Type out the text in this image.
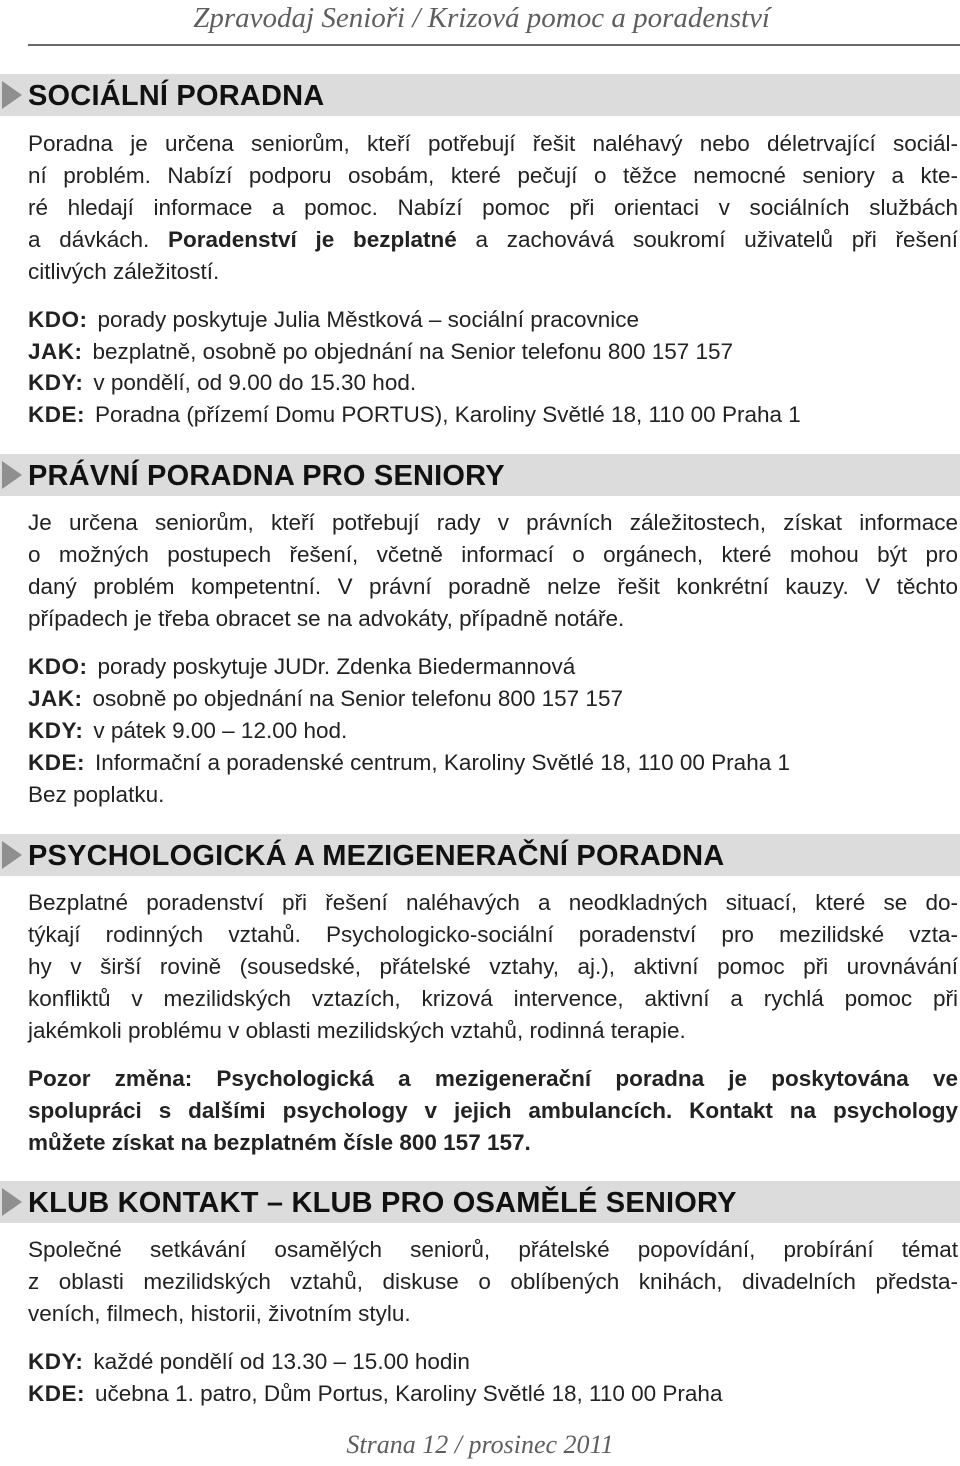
Zpravodaj Senioři / Krizová pomoc a poradenství
SOCIÁLNÍ PORADNA
Poradna je určena seniorům, kteří potřebují řešit naléhavý nebo déletrvající sociál-
ní problém. Nabízí podporu osobám, které pečují o těžce nemocné seniory a kte-
ré hledají informace a pomoc. Nabízí pomoc při orientaci v sociálních službách
a dávkách. Poradenství je bezplatné a zachovává soukromí uživatelů při řešení
citlivých záležitostí.
KDO: porady poskytuje Julia Městková – sociální pracovnice
JAK: bezplatně, osobně po objednání na Senior telefonu 800 157 157
KDY: v pondělí, od 9.00 do 15.30 hod.
KDE: Poradna (přízemí Domu PORTUS), Karoliny Světlé 18, 110 00 Praha 1
PRÁVNÍ PORADNA PRO SENIORY
Je určena seniorům, kteří potřebují rady v právních záležitostech, získat informace
o možných postupech řešení, včetně informací o orgánech, které mohou být pro
daný problém kompetentní. V právní poradně nelze řešit konkrétní kauzy. V těchto
případech je třeba obracet se na advokáty, případně notáře.
KDO: porady poskytuje JUDr. Zdenka Biedermannová
JAK: osobně po objednání na Senior telefonu 800 157 157
KDY: v pátek 9.00 – 12.00 hod.
KDE: Informační a poradenské centrum, Karoliny Světlé 18, 110 00 Praha 1
Bez poplatku.
PSYCHOLOGICKÁ A MEZIGENERAČNÍ PORADNA
Bezplatné poradenství při řešení naléhavých a neodkladných situací, které se do-
týkají rodinných vztahů. Psychologicko-sociální poradenství pro mezilidské vzta-
hy v širší rovině (sousedské, přátelské vztahy, aj.), aktivní pomoc při urovnávání
konfliktů v mezilidských vztazích, krizová intervence, aktivní a rychlá pomoc při
jakémkoli problému v oblasti mezilidských vztahů, rodinná terapie.
Pozor změna: Psychologická a mezigenerační poradna je poskytována ve
spolupráci s dalšími psychology v jejich ambulancích. Kontakt na psychology
můžete získat na bezplatném čísle 800 157 157.
KLUB KONTAKT – KLUB PRO OSAMĚLÉ SENIORY
Společné setkávání osamělých seniorů, přátelské popovídání, probírání témat
z oblasti mezilidských vztahů, diskuse o oblíbených knihách, divadelních předsta-
veních, filmech, historii, životním stylu.
KDY: každé pondělí od 13.30 – 15.00 hodin
KDE: učebna 1. patro, Dům Portus, Karoliny Světlé 18, 110 00 Praha
Strana 12 / prosinec 2011
